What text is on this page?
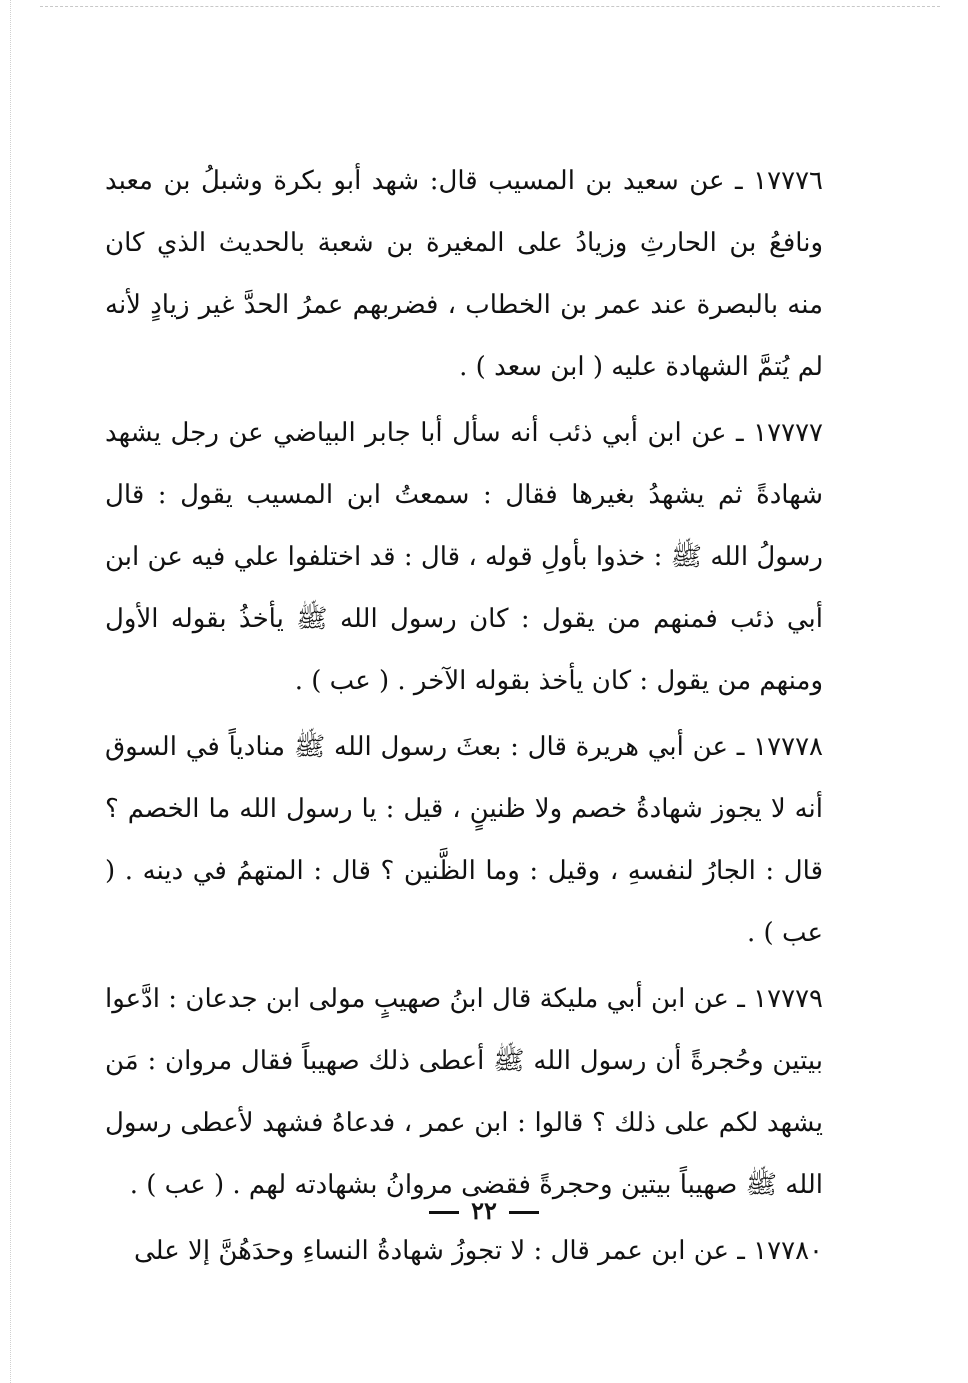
١٧٧٧٦ ـ عن سعيد بن المسيب قال: شهد أبو بكرة وشبلُ بن معبد ونافعُ بن الحارثِ وزيادُ على المغيرة بن شعبة بالحديث الذي كان منه بالبصرة عند عمر بن الخطاب ، فضربهم عمرُ الحدَّ غير زيادٍ لأنه لم يُتمَّ الشهادة عليه ( ابن سعد ) .

١٧٧٧٧ ـ عن ابن أبي ذئب أنه سأل أبا جابر البياضي عن رجل يشهد شهادةً ثم يشهدُ بغيرها فقال : سمعتُ ابن المسيب يقول : قال رسولُ الله ﷺ : خذوا بأولِ قوله ، قال : قد اختلفوا علي فيه عن ابن أبي ذئب فمنهم من يقول : كان رسول الله ﷺ يأخذُ بقوله الأول ومنهم من يقول : كان يأخذ بقوله الآخر . ( عب ) .

١٧٧٧٨ ـ عن أبي هريرة قال : بعثَ رسول الله ﷺ منادياً في السوق أنه لا يجوز شهادةُ خصم ولا ظنينٍ ، قيل : يا رسول الله ما الخصم ؟ قال : الجارُ لنفسهِ ، وقيل : وما الظَّنين ؟ قال : المتهمُ في دينه . ( عب ) .

١٧٧٧٩ ـ عن ابن أبي مليكة قال ابنُ صهيبٍ مولى ابن جدعان : ادَّعوا بيتين وحُجرةً أن رسول الله ﷺ أعطى ذلك صهيباً فقال مروان : مَن يشهد لكم على ذلك ؟ قالوا : ابن عمر ، فدعاهُ فشهد لأعطى رسول الله ﷺ صهيباً بيتين وحجرةً فقضى مروانُ بشهادته لهم . ( عب ) .

١٧٧٨٠ ـ عن ابن عمر قال : لا تجوزُ شهادةُ النساءِ وحدَهُنَّ إلا على

٢٢
